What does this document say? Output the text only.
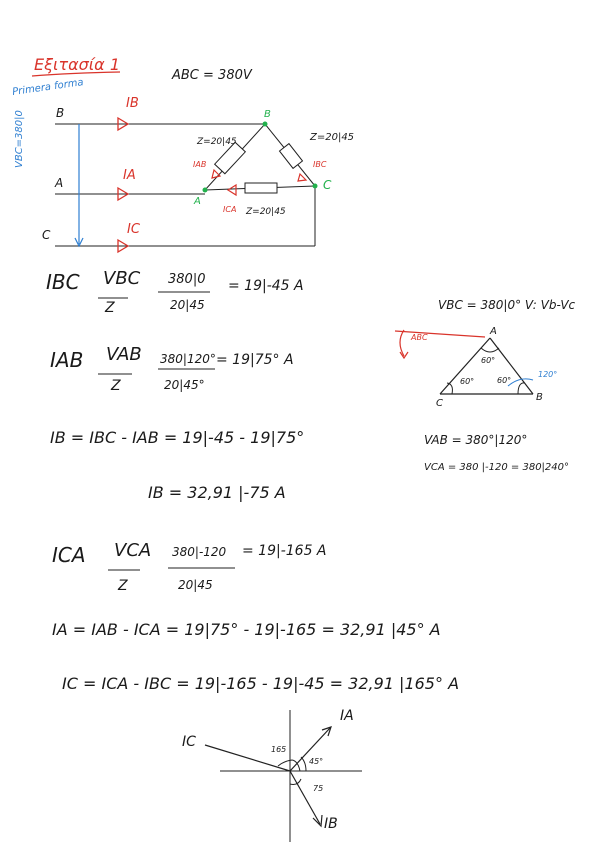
Εξιτασία 1
Primera forma
ABC = 380V
B
A
C
IB
IA
IC
B
A
C
VBC=380|0	Z=20|45	Z=20|45
Z=20|45
IAB	IBC
ICA
IBC VBC
Z
380|0
20|45
= 19|-45 A
IAB VAB
Z
380|120°
20|45°
= 19|75° A
IB = IBC - IAB = 19|-45 - 19|75°
IB = 32,91 |-75 A
ICA VCA
Z
380|-120
20|45
= 19|-165 A
IA = IAB - ICA = 19|75° - 19|-165 = 32,91 |45° A
IC = ICA - IBC = 19|-165 - 19|-45 = 32,91 |165° A
VBC = 380|0° V: Vb-Vc
ABC
A
B
C
60°
60°
60°
120°
VAB = 380°|120°
VCA = 380 |-120 = 380|240°
IA
IB
IC	165
45°
75
